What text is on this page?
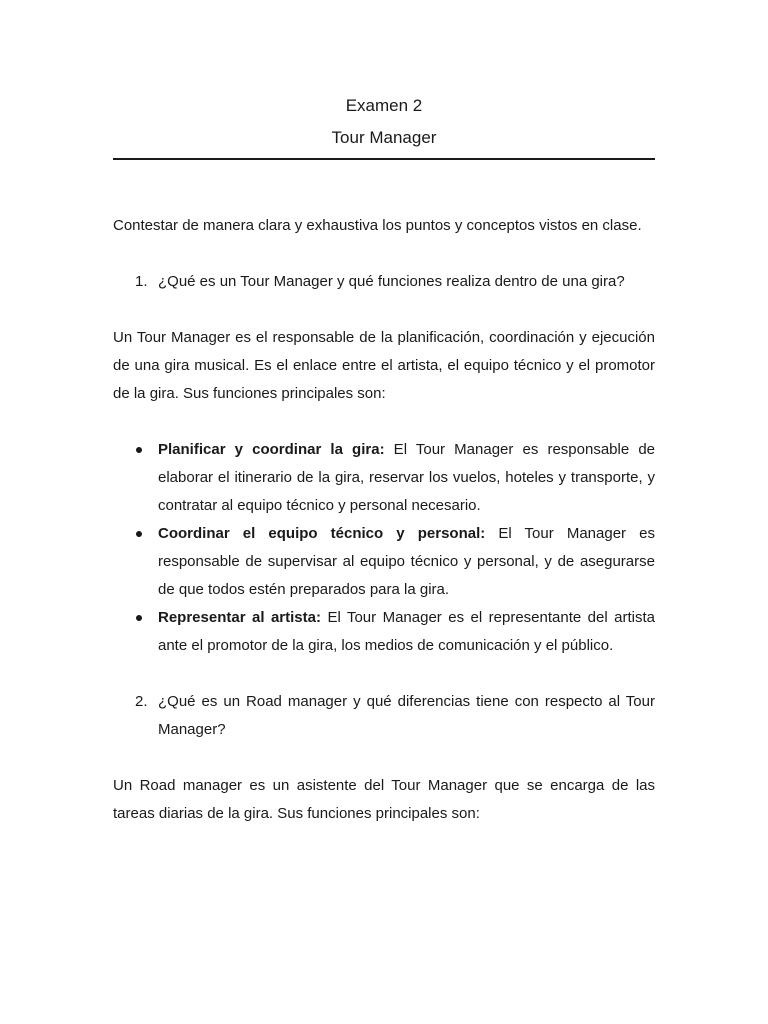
Examen 2
Tour Manager

Contestar de manera clara y exhaustiva los puntos y conceptos vistos en clase.

1. ¿Qué es un Tour Manager y qué funciones realiza dentro de una gira?

Un Tour Manager es el responsable de la planificación, coordinación y ejecución de una gira musical. Es el enlace entre el artista, el equipo técnico y el promotor de la gira. Sus funciones principales son:

Planificar y coordinar la gira: El Tour Manager es responsable de elaborar el itinerario de la gira, reservar los vuelos, hoteles y transporte, y contratar al equipo técnico y personal necesario.
Coordinar el equipo técnico y personal: El Tour Manager es responsable de supervisar al equipo técnico y personal, y de asegurarse de que todos estén preparados para la gira.
Representar al artista: El Tour Manager es el representante del artista ante el promotor de la gira, los medios de comunicación y el público.
2. ¿Qué es un Road manager y qué diferencias tiene con respecto al Tour Manager?

Un Road manager es un asistente del Tour Manager que se encarga de las tareas diarias de la gira. Sus funciones principales son:
